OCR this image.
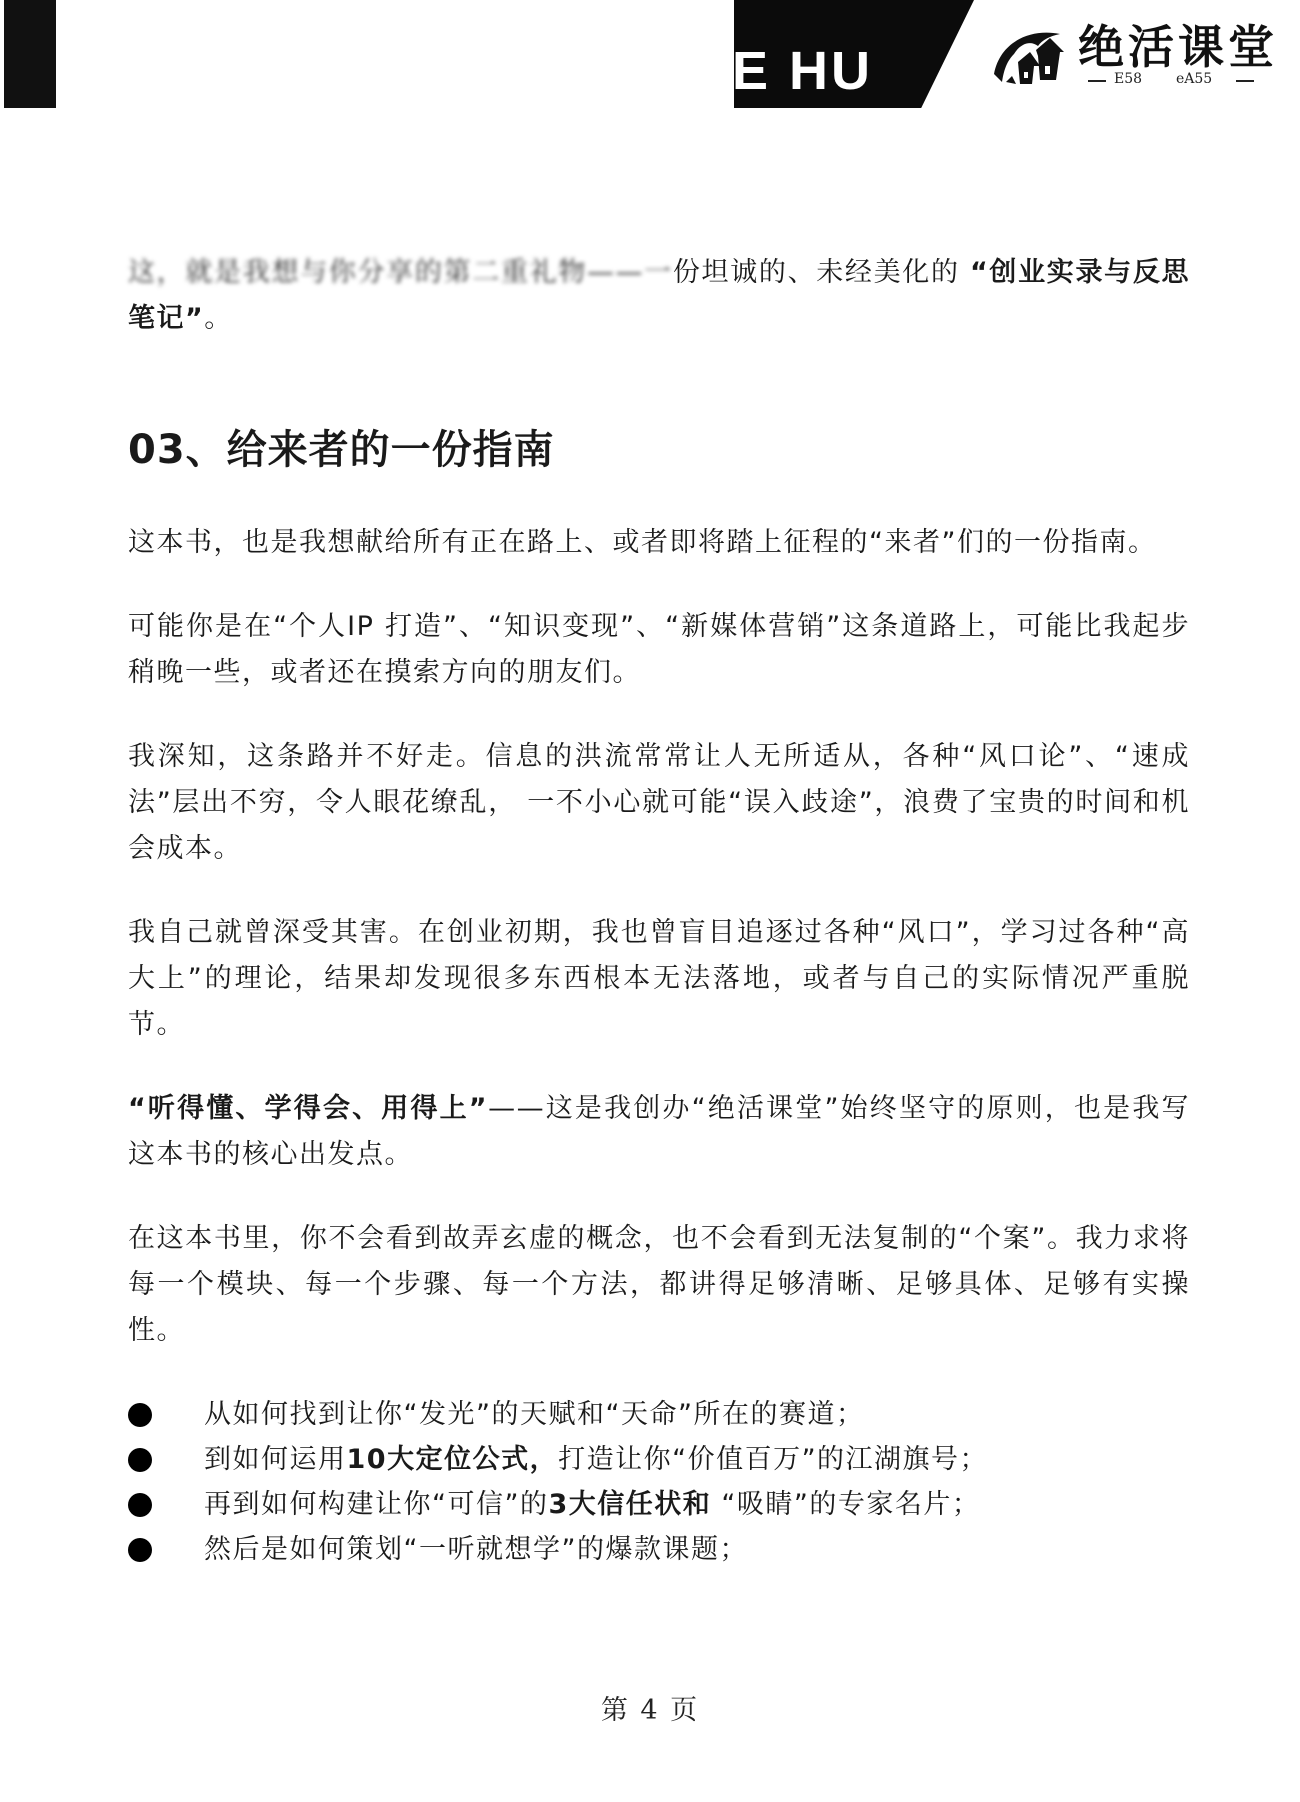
E HU	绝活课堂
E58 eA55

这，就是我想与你分享的第二重礼物——一份坦诚的、未经美化的 “创业实录与反思笔记”。

03、给来者的一份指南

这本书，也是我想献给所有正在路上、或者即将踏上征程的“来者”们的一份指南。

可能你是在“个人IP 打造”、“知识变现”、“新媒体营销”这条道路上，可能比我起步稍晚一些，或者还在摸索方向的朋友们。

我深知，这条路并不好走。信息的洪流常常让人无所适从，各种“风口论”、“速成法”层出不穷，令人眼花缭乱， 一不小心就可能“误入歧途”，浪费了宝贵的时间和机会成本。

我自己就曾深受其害。在创业初期，我也曾盲目追逐过各种“风口”，学习过各种“高大上”的理论，结果却发现很多东西根本无法落地，或者与自己的实际情况严重脱节。

“听得懂、学得会、用得上”——这是我创办“绝活课堂”始终坚守的原则，也是我写这本书的核心出发点。

在这本书里，你不会看到故弄玄虚的概念，也不会看到无法复制的“个案”。我力求将每一个模块、每一个步骤、每一个方法，都讲得足够清晰、足够具体、足够有实操性。

从如何找到让你“发光”的天赋和“天命”所在的赛道；
到如何运用10大定位公式，打造让你“价值百万”的江湖旗号；
再到如何构建让你“可信”的3大信任状和 “吸睛”的专家名片；
然后是如何策划“一听就想学”的爆款课题；
第 4 页
